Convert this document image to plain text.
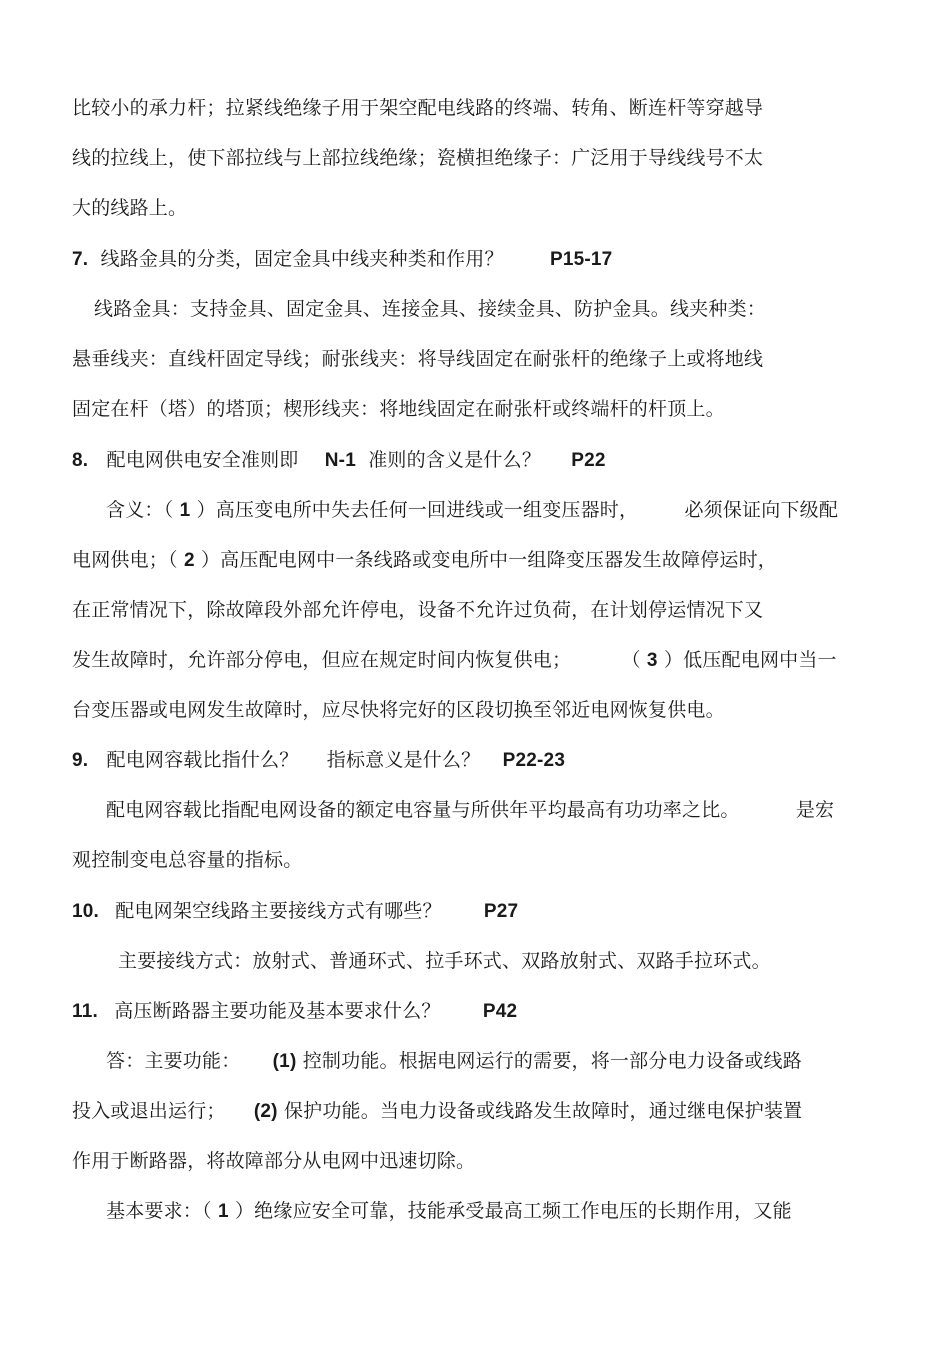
比较小的承力杆；拉紧线绝缘子用于架空配电线路的终端、转角、断连杆等穿越导
线的拉线上，使下部拉线与上部拉线绝缘；瓷横担绝缘子：广泛用于导线线号不太
大的线路上。
7. 线路金具的分类，固定金具中线夹种类和作用？ P15-17
线路金具：支持金具、固定金具、连接金具、接续金具、防护金具。线夹种类：
悬垂线夹：直线杆固定导线；耐张线夹：将导线固定在耐张杆的绝缘子上或将地线
固定在杆（塔）的塔顶；楔形线夹：将地线固定在耐张杆或终端杆的杆顶上。
8. 配电网供电安全准则即 N-1 准则的含义是什么？ P22
含义：（ 1 ）高压变电所中失去任何一回进线或一组变压器时， 必须保证向下级配
电网供电；（ 2 ）高压配电网中一条线路或变电所中一组降变压器发生故障停运时，
在正常情况下，除故障段外部允许停电，设备不允许过负荷，在计划停运情况下又
发生故障时，允许部分停电，但应在规定时间内恢复供电；	（ 3 ）低压配电网中当一
台变压器或电网发生故障时，应尽快将完好的区段切换至邻近电网恢复供电。
9. 配电网容载比指什么？ 指标意义是什么？ P22-23
配电网容载比指配电网设备的额定电容量与所供年平均最高有功功率之比。	是宏
观控制变电总容量的指标。
10. 配电网架空线路主要接线方式有哪些？ P27
主要接线方式：放射式、普通环式、拉手环式、双路放射式、双路手拉环式。
11. 高压断路器主要功能及基本要求什么？ P42
答：主要功能： (1) 控制功能。根据电网运行的需要，将一部分电力设备或线路
投入或退出运行； (2) 保护功能。当电力设备或线路发生故障时，通过继电保护装置
作用于断路器，将故障部分从电网中迅速切除。
基本要求：（ 1 ）绝缘应安全可靠，技能承受最高工频工作电压的长期作用，又能
